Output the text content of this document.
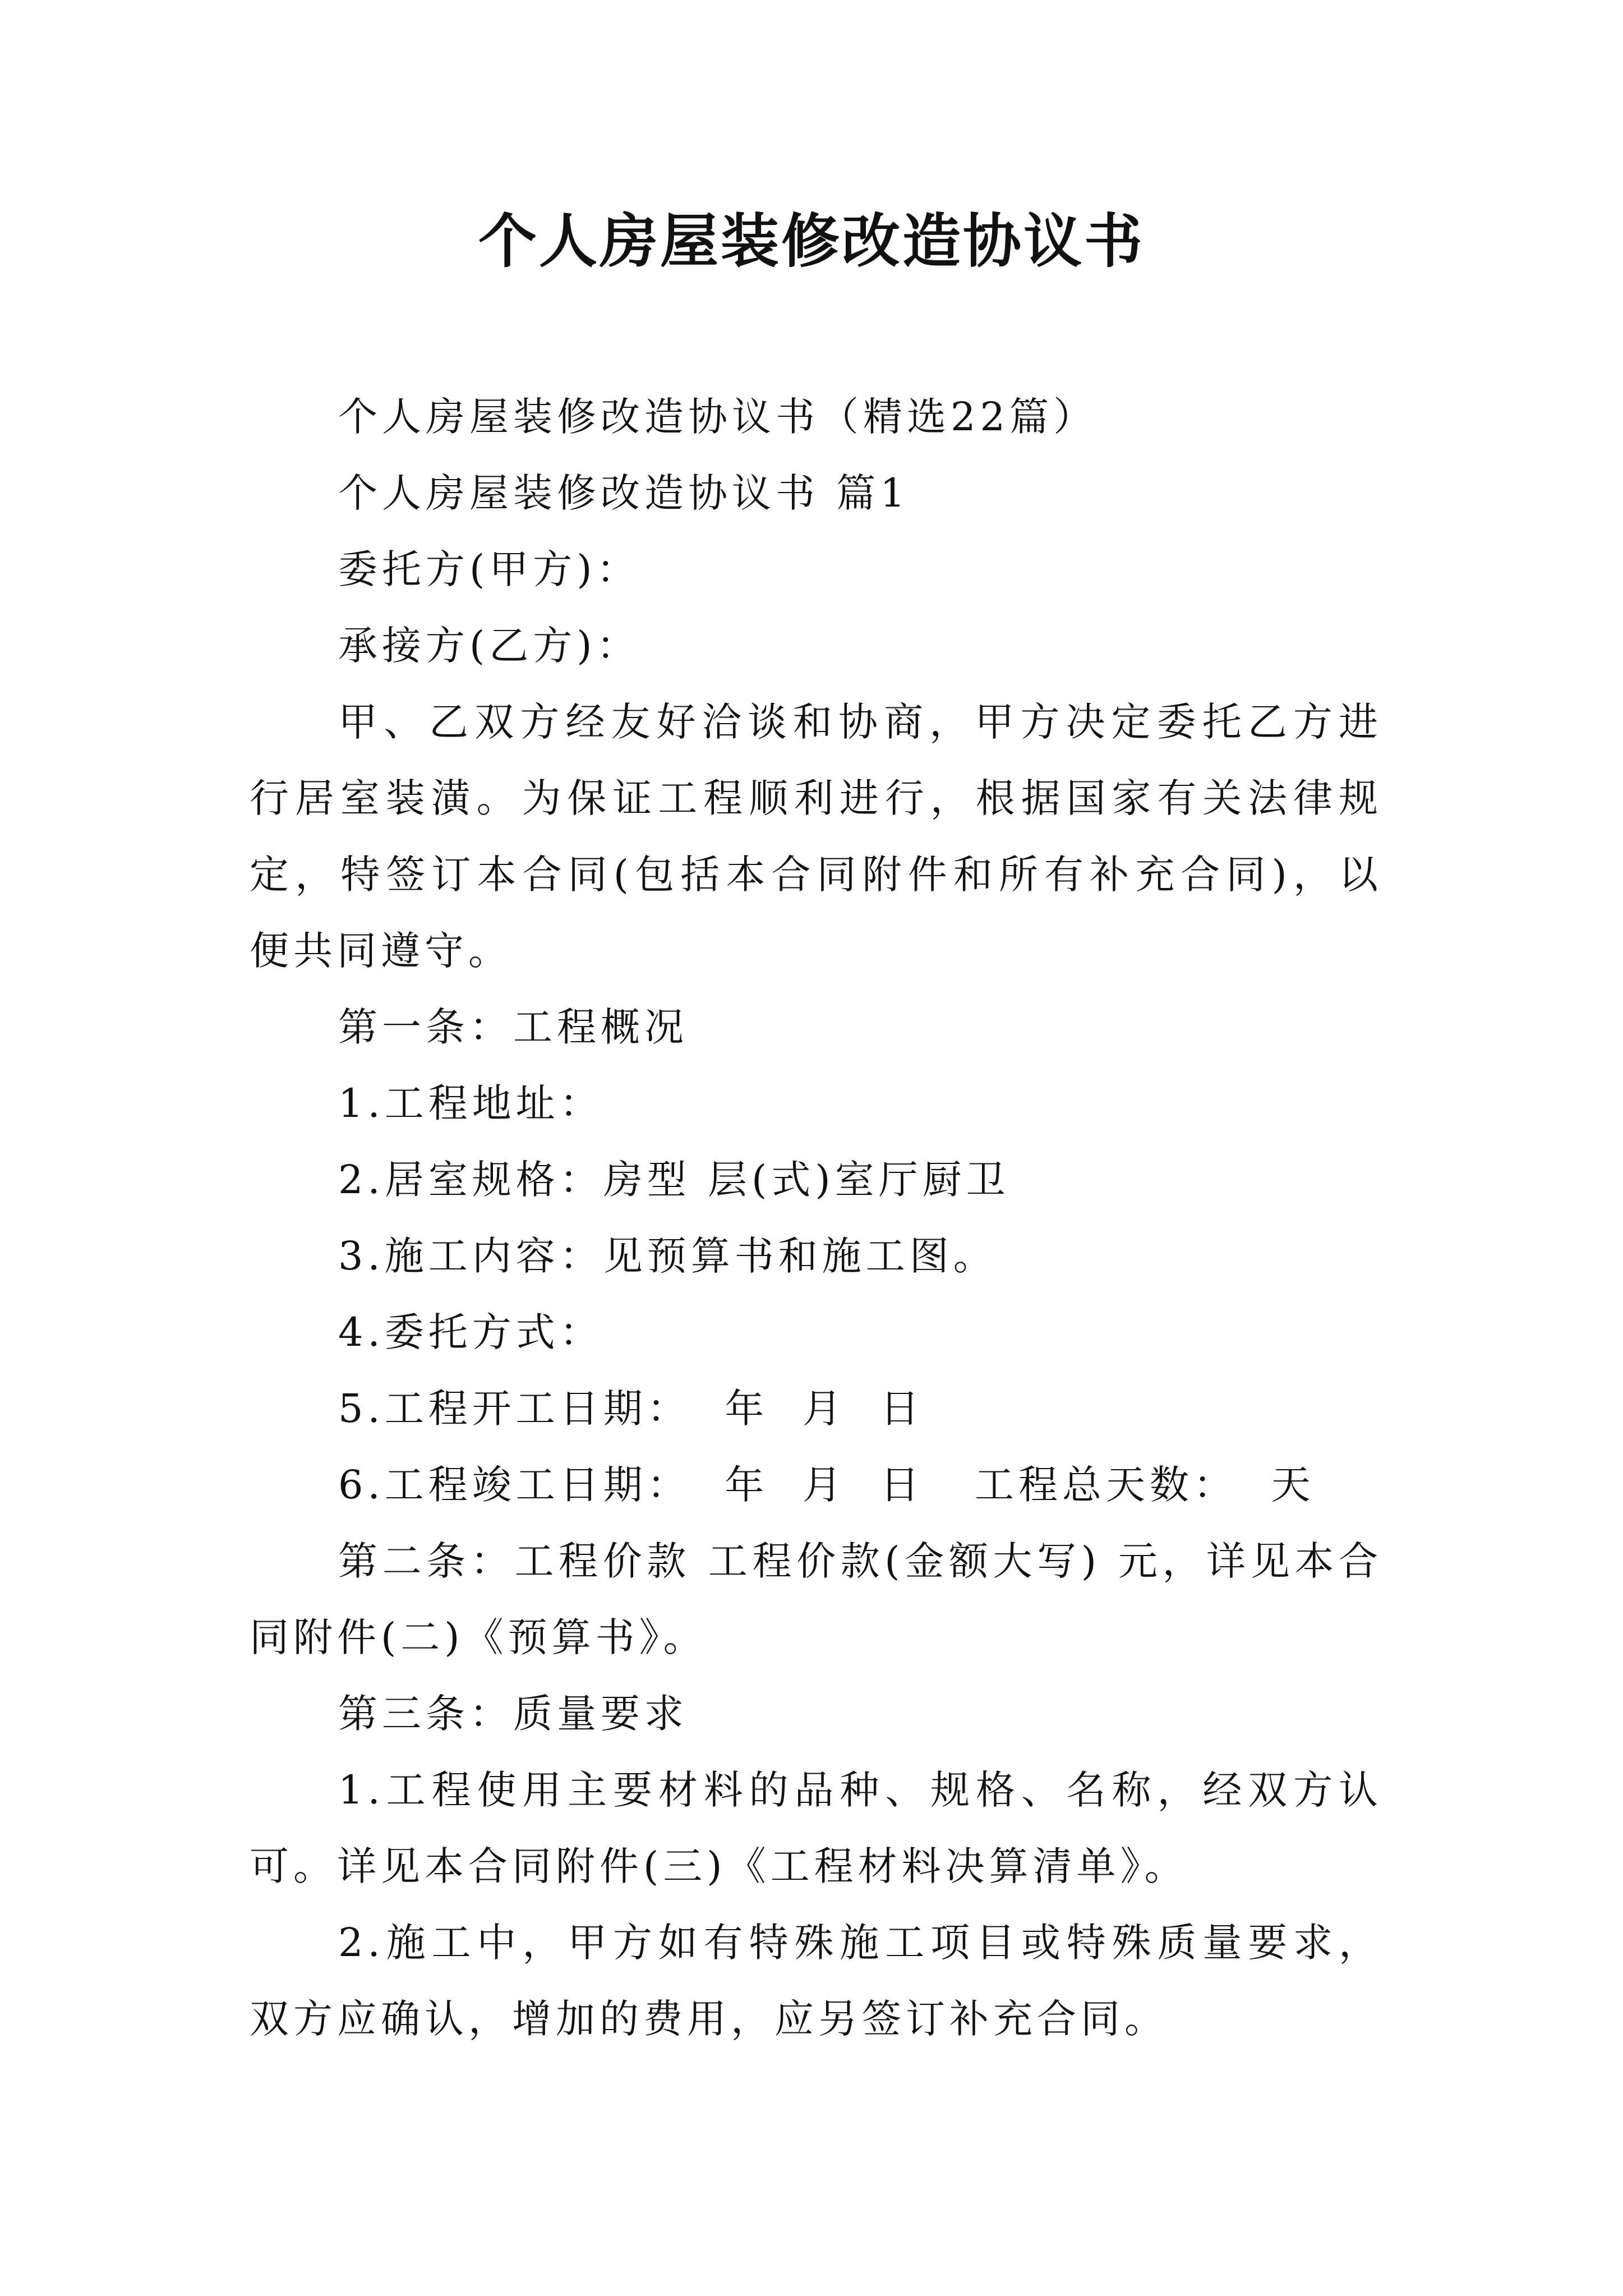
个人房屋装修改造协议书

个人房屋装修改造协议书（精选22篇）

个人房屋装修改造协议书 篇1

委托方(甲方)：

承接方(乙方)：

甲、乙双方经友好洽谈和协商，甲方决定委托乙方进行居室装潢。为保证工程顺利进行，根据国家有关法律规定，特签订本合同(包括本合同附件和所有补充合同)，以便共同遵守。

第一条：工程概况

1.工程地址：

2.居室规格：房型 层(式)室厅厨卫

3.施工内容：见预算书和施工图。

4.委托方式：

5.工程开工日期：  年  月  日

6.工程竣工日期：  年  月  日   工程总天数：  天

第二条：工程价款 工程价款(金额大写) 元，详见本合同附件(二)《预算书》。

第三条：质量要求

1.工程使用主要材料的品种、规格、名称，经双方认可。详见本合同附件(三)《工程材料决算清单》。

2.施工中，甲方如有特殊施工项目或特殊质量要求，双方应确认，增加的费用，应另签订补充合同。
